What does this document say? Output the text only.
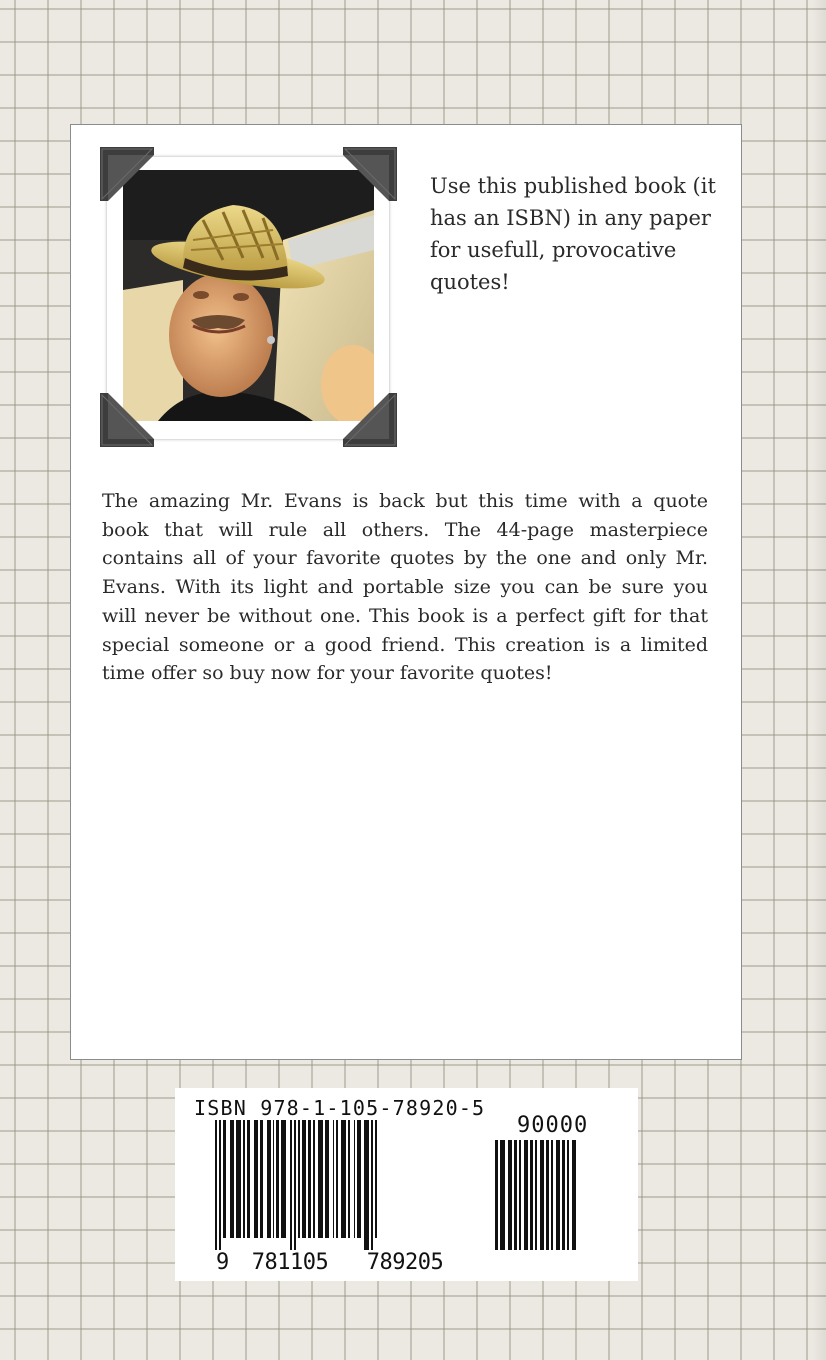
Use this published book (it has an ISBN) in any paper for usefull, provocative quotes!

The amazing Mr. Evans is back but this time with a quote book that will rule all others. The 44-page masterpiece contains all of your favorite quotes by the one and only Mr. Evans. With its light and portable size you can be sure you will never be without one. This book is a perfect gift for that special someone or a good friend. This creation is a limited time offer so buy now for your favorite quotes!

ISBN 978-1-105-78920-5
90000
9	781105	789205
